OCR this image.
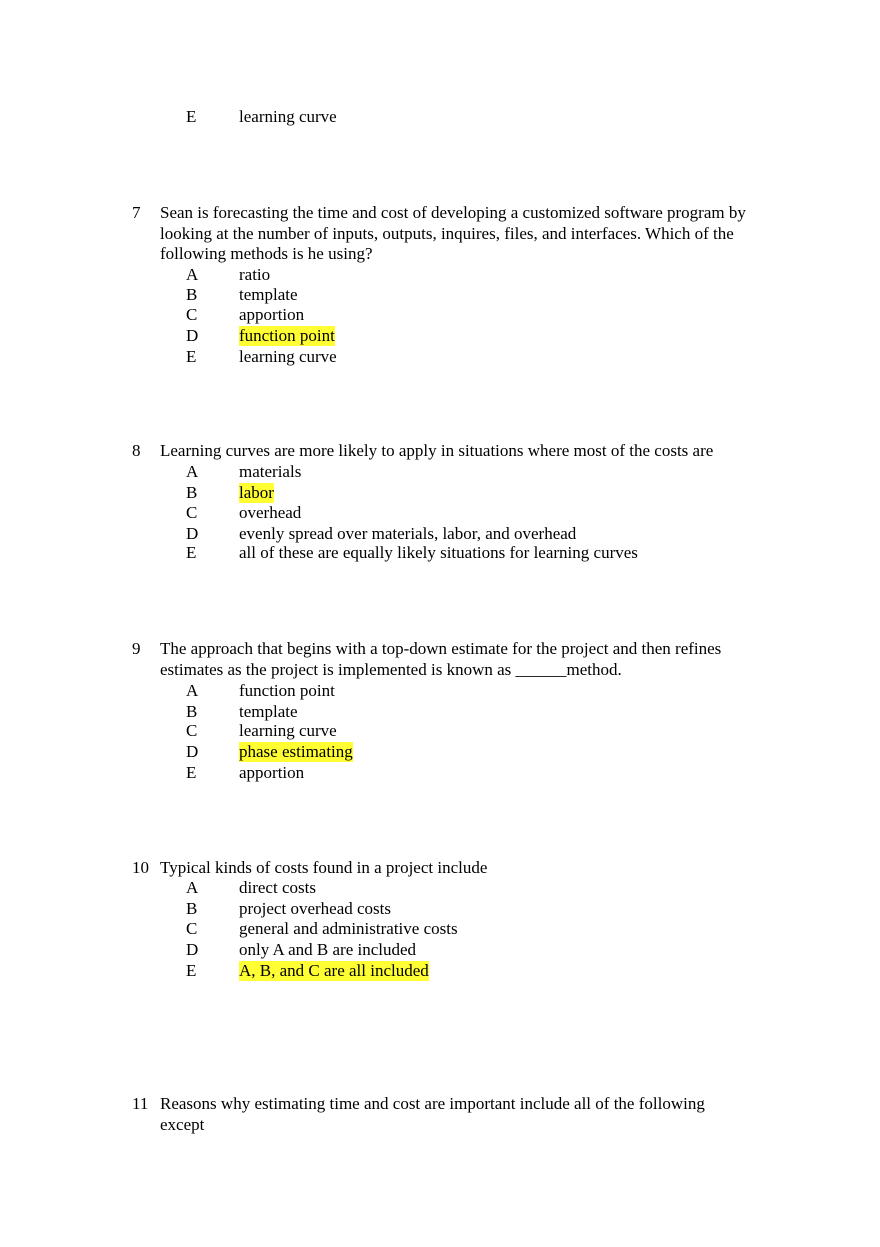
E	learning curve
7 Sean is forecasting the time and cost of developing a customized software program by
looking at the number of inputs, outputs, inquires, files, and interfaces. Which of the
following methods is he using?
A ratio
B template
C apportion
D function point
E	learning curve
8 Learning curves are more likely to apply in situations where most of the costs are
A materials
B labor
C overhead
D evenly spread over materials, labor, and overhead
E	all of these are equally likely situations for learning curves
9 The approach that begins with a top-down estimate for the project and then refines
estimates as the project is implemented is known as ______method.
A function point
B template
C learning curve
D phase estimating
E	apportion
10 Typical kinds of costs found in a project include
A direct costs
B project overhead costs
C general and administrative costs
D only A and B are included
E	A, B, and C are all included
11 Reasons why estimating time and cost are important include all of the following
except
